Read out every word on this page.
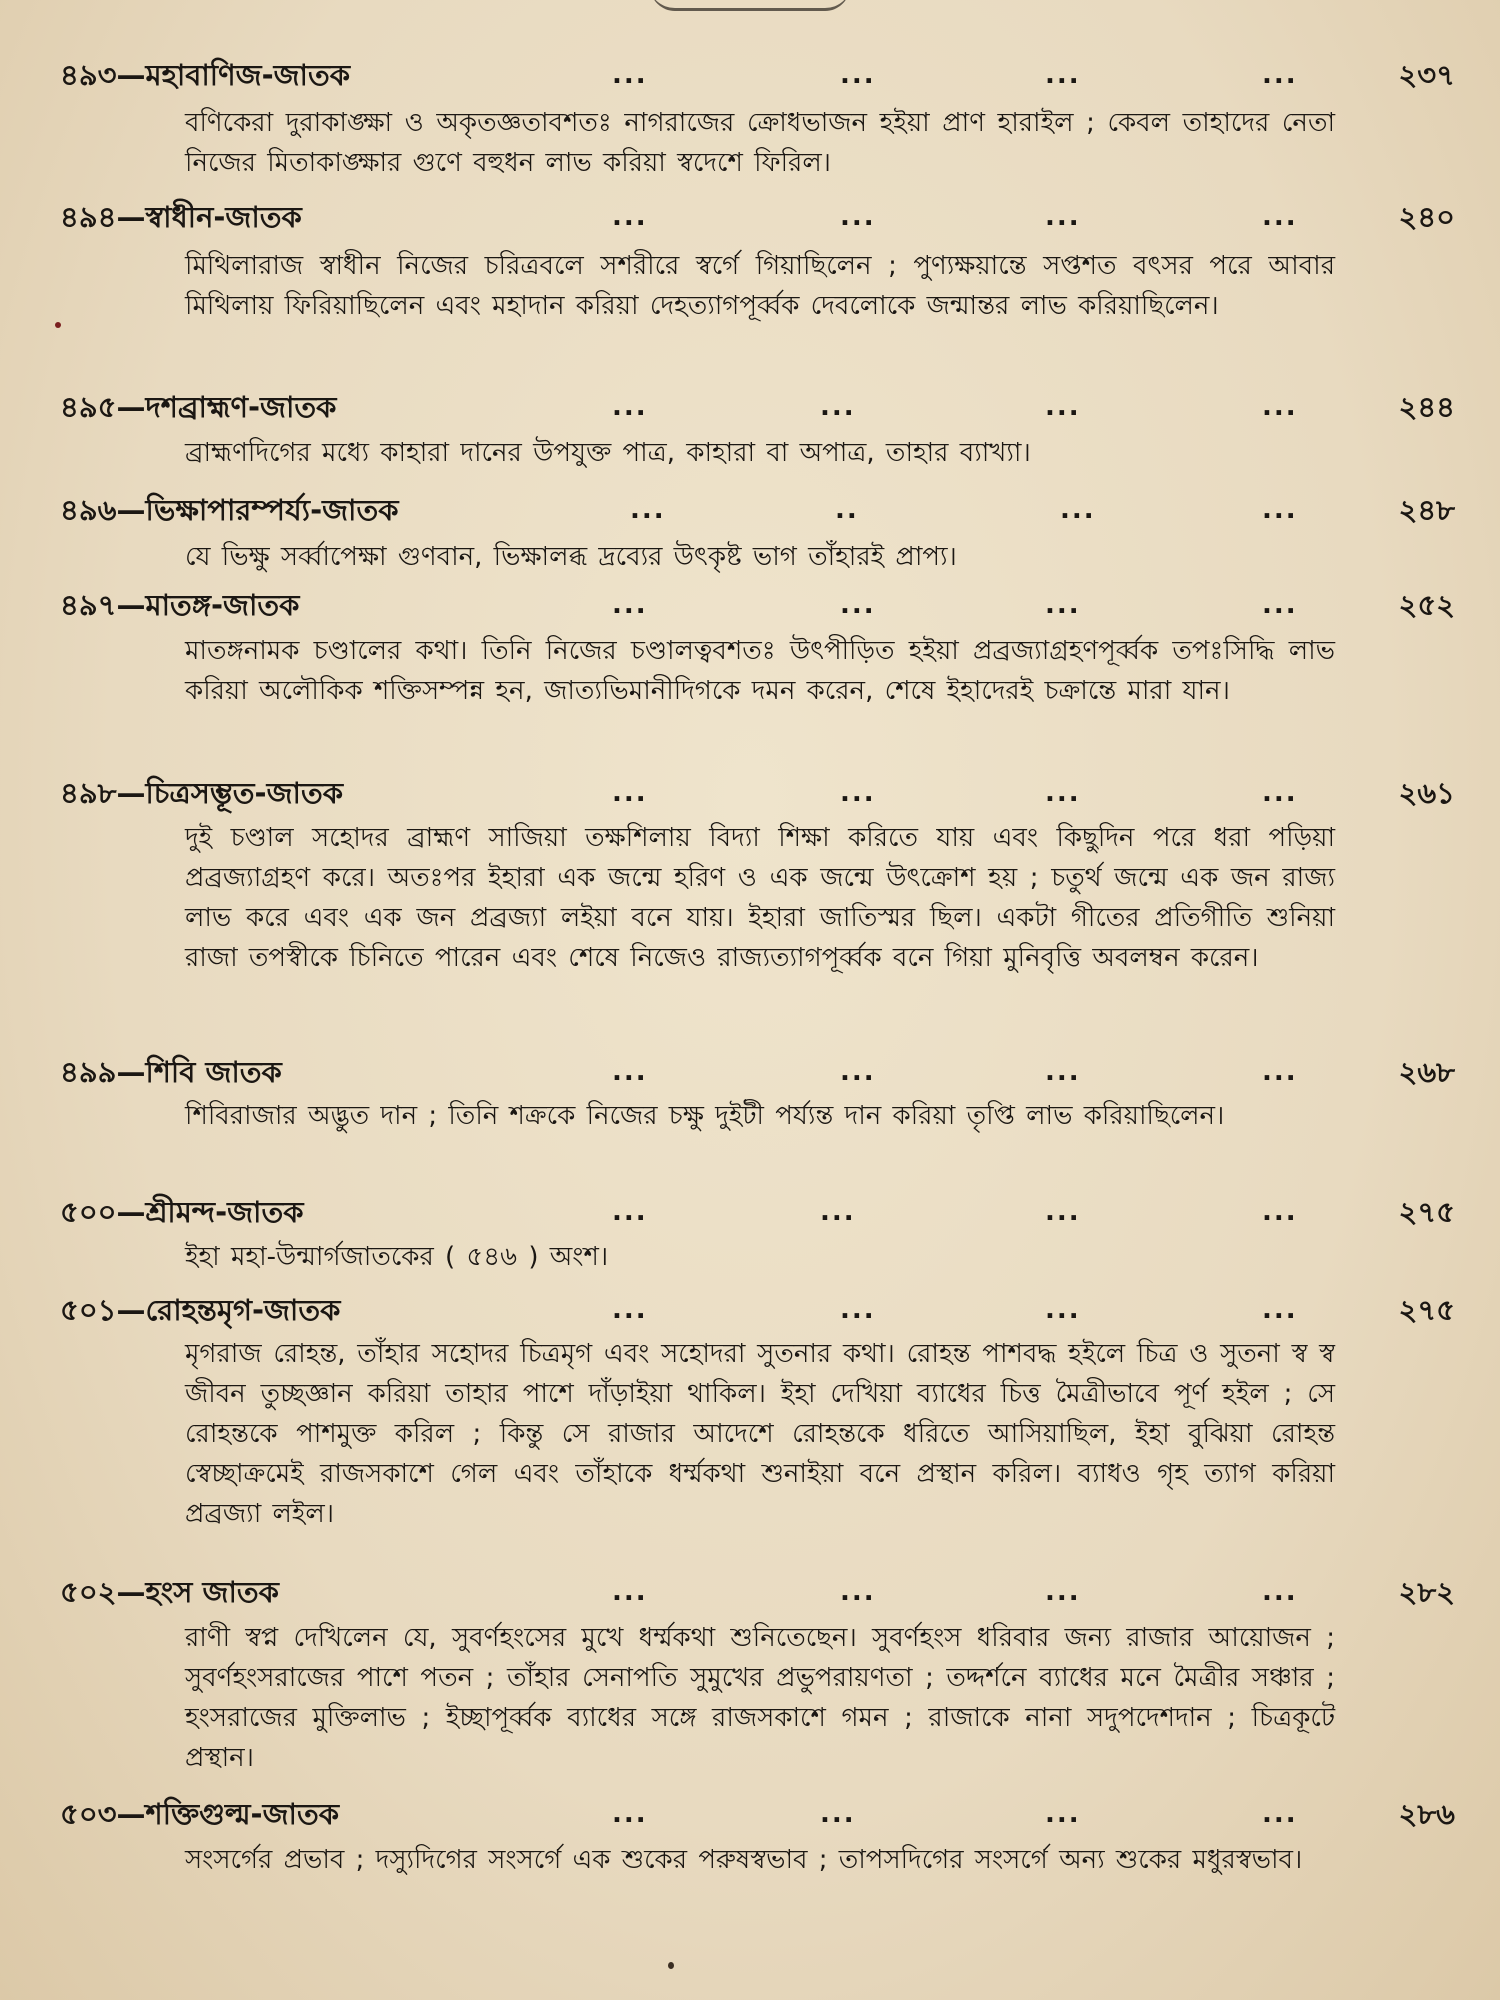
৪৯৩—মহাবাণিজ-জাতক	...	...	...	...	২৩৭
বণিকেরা দুরাকাঙ্ক্ষা ও অকৃতজ্ঞতাবশতঃ নাগরাজের ক্রোধভাজন হইয়া প্রাণ হারাইল ; কেবল তাহাদের নেতা নিজের মিতাকাঙ্ক্ষার গুণে বহুধন লাভ করিয়া স্বদেশে ফিরিল।
৪৯৪—স্বাধীন-জাতক	...	...	...	...	২৪০
মিথিলারাজ স্বাধীন নিজের চরিত্রবলে সশরীরে স্বর্গে গিয়াছিলেন ; পুণ্যক্ষয়ান্তে সপ্তশত বৎসর পরে আবার মিথিলায় ফিরিয়াছিলেন এবং মহাদান করিয়া দেহত্যাগপূর্ব্বক দেবলোকে জন্মান্তর লাভ করিয়াছিলেন।
৪৯৫—দশব্রাহ্মণ-জাতক	...	...	...	...	২৪৪
ব্রাহ্মণদিগের মধ্যে কাহারা দানের উপযুক্ত পাত্র, কাহারা বা অপাত্র, তাহার ব্যাখ্যা।
৪৯৬—ভিক্ষাপারম্পর্য্য-জাতক	...	..	...	...	২৪৮
যে ভিক্ষু সর্ব্বাপেক্ষা গুণবান, ভিক্ষালব্ধ দ্রব্যের উৎকৃষ্ট ভাগ তাঁহারই প্রাপ্য।
৪৯৭—মাতঙ্গ-জাতক	...	...	...	...	২৫২
মাতঙ্গনামক চণ্ডালের কথা। তিনি নিজের চণ্ডালত্ববশতঃ উৎপীড়িত হইয়া প্রব্রজ্যাগ্রহণপূর্ব্বক তপঃসিদ্ধি লাভ করিয়া অলৌকিক শক্তিসম্পন্ন হন, জাত্যভিমানীদিগকে দমন করেন, শেষে ইহাদেরই চক্রান্তে মারা যান।
৪৯৮—চিত্রসম্ভূত-জাতক	...	...	...	...	২৬১
দুই চণ্ডাল সহোদর ব্রাহ্মণ সাজিয়া তক্ষশিলায় বিদ্যা শিক্ষা করিতে যায় এবং কিছুদিন পরে ধরা পড়িয়া প্রব্রজ্যাগ্রহণ করে। অতঃপর ইহারা এক জন্মে হরিণ ও এক জন্মে উৎক্রোশ হয় ; চতুর্থ জন্মে এক জন রাজ্য লাভ করে এবং এক জন প্রব্রজ্যা লইয়া বনে যায়। ইহারা জাতিস্মর ছিল। একটা গীতের প্রতিগীতি শুনিয়া রাজা তপস্বীকে চিনিতে পারেন এবং শেষে নিজেও রাজ্যত্যাগপূর্ব্বক বনে গিয়া মুনিবৃত্তি অবলম্বন করেন।
৪৯৯—শিবি জাতক	...	...	...	...	২৬৮
শিবিরাজার অদ্ভুত দান ; তিনি শক্রকে নিজের চক্ষু দুইটী পর্য্যন্ত দান করিয়া তৃপ্তি লাভ করিয়াছিলেন।
৫০০—শ্রীমন্দ-জাতক	...	...	...	...	২৭৫
ইহা মহা-উন্মার্গজাতকের ( ৫৪৬ ) অংশ।
৫০১—রোহন্তমৃগ-জাতক	...	...	...	...	২৭৫
মৃগরাজ রোহন্ত, তাঁহার সহোদর চিত্রমৃগ এবং সহোদরা সুতনার কথা। রোহন্ত পাশবদ্ধ হইলে চিত্র ও সুতনা স্ব স্ব জীবন তুচ্ছজ্ঞান করিয়া তাহার পাশে দাঁড়াইয়া থাকিল। ইহা দেখিয়া ব্যাধের চিত্ত মৈত্রীভাবে পূর্ণ হইল ; সে রোহন্তকে পাশমুক্ত করিল ; কিন্তু সে রাজার আদেশে রোহন্তকে ধরিতে আসিয়াছিল, ইহা বুঝিয়া রোহন্ত স্বেচ্ছাক্রমেই রাজসকাশে গেল এবং তাঁহাকে ধর্ম্মকথা শুনাইয়া বনে প্রস্থান করিল। ব্যাধও গৃহ ত্যাগ করিয়া প্রব্রজ্যা লইল।
৫০২—হংস জাতক	...	...	...	...	২৮২
রাণী স্বপ্ন দেখিলেন যে, সুবর্ণহংসের মুখে ধর্ম্মকথা শুনিতেছেন। সুবর্ণহংস ধরিবার জন্য রাজার আয়োজন ; সুবর্ণহংসরাজের পাশে পতন ; তাঁহার সেনাপতি সুমুখের প্রভুপরায়ণতা ; তদ্দর্শনে ব্যাধের মনে মৈত্রীর সঞ্চার ; হংসরাজের মুক্তিলাভ ; ইচ্ছাপূর্ব্বক ব্যাধের সঙ্গে রাজসকাশে গমন ; রাজাকে নানা সদুপদেশদান ; চিত্রকূটে প্রস্থান।
৫০৩—শক্তিগুল্ম-জাতক	...	...	...	...	২৮৬
সংসর্গের প্রভাব ; দস্যুদিগের সংসর্গে এক শুকের পরুষস্বভাব ; তাপসদিগের সংসর্গে অন্য শুকের মধুরস্বভাব।
